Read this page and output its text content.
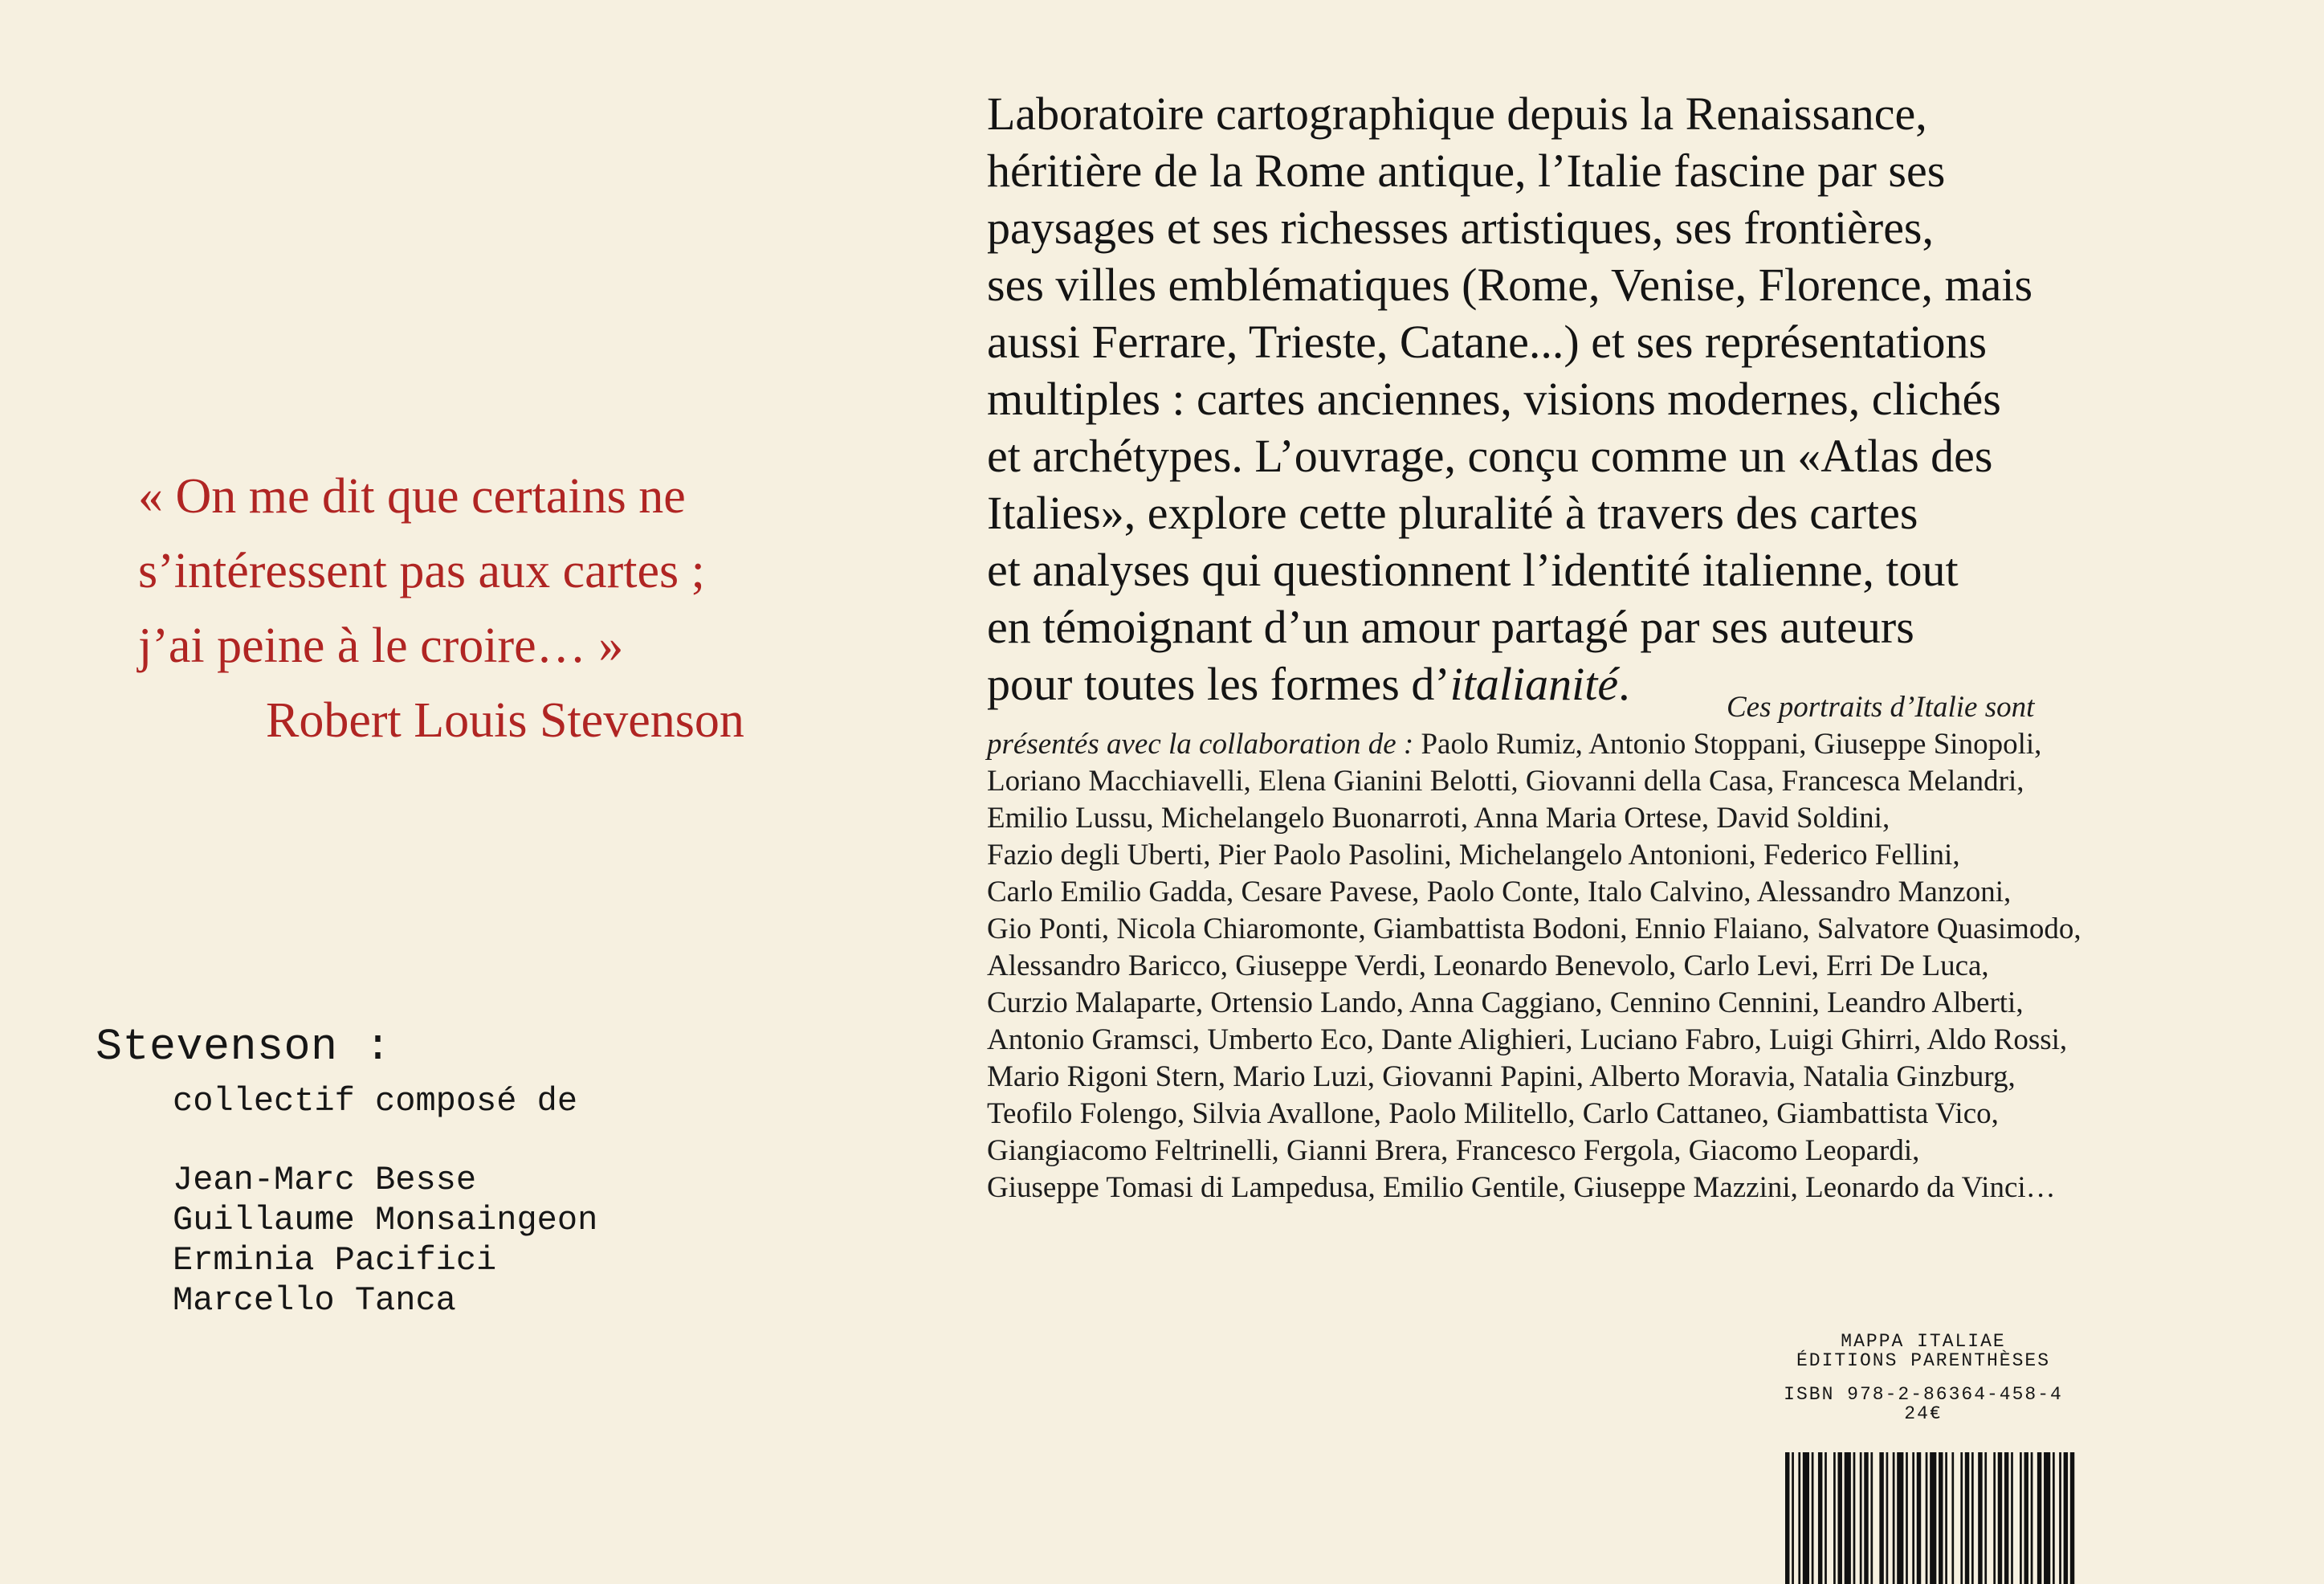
« On me dit que certains ne
s’intéressent pas aux cartes ;
j’ai peine à le croire… »
Robert Louis Stevenson
Stevenson :
collectif composé de
Jean-Marc Besse
Guillaume Monsaingeon
Erminia Pacifici
Marcello Tanca
Laboratoire cartographique depuis la Renaissance,
héritière de la Rome antique, l’Italie fascine par ses
paysages et ses richesses artistiques, ses frontières,
ses villes emblématiques (Rome, Venise, Florence, mais
aussi Ferrare, Trieste, Catane...) et ses représentations
multiples : cartes anciennes, visions modernes, clichés
et archétypes. L’ouvrage, conçu comme un «Atlas des
Italies», explore cette pluralité à travers des cartes
et analyses qui questionnent l’identité italienne, tout
en témoignant d’un amour partagé par ses auteurs
pour toutes les formes d’italianité.	Ces portraits d’Italie sont
présentés avec la collaboration de : Paolo Rumiz, Antonio Stoppani, Giuseppe Sinopoli,
Loriano Macchiavelli, Elena Gianini Belotti, Giovanni della Casa, Francesca Melandri,
Emilio Lussu, Michelangelo Buonarroti, Anna Maria Ortese, David Soldini,
Fazio degli Uberti, Pier Paolo Pasolini, Michelangelo Antonioni, Federico Fellini,
Carlo Emilio Gadda, Cesare Pavese, Paolo Conte, Italo Calvino, Alessandro Manzoni,
Gio Ponti, Nicola Chiaromonte, Giambattista Bodoni, Ennio Flaiano, Salvatore Quasimodo,
Alessandro Baricco, Giuseppe Verdi, Leonardo Benevolo, Carlo Levi, Erri De Luca,
Curzio Malaparte, Ortensio Lando, Anna Caggiano, Cennino Cennini, Leandro Alberti,
Antonio Gramsci, Umberto Eco, Dante Alighieri, Luciano Fabro, Luigi Ghirri, Aldo Rossi,
Mario Rigoni Stern, Mario Luzi, Giovanni Papini, Alberto Moravia, Natalia Ginzburg,
Teofilo Folengo, Silvia Avallone, Paolo Militello, Carlo Cattaneo, Giambattista Vico,
Giangiacomo Feltrinelli, Gianni Brera, Francesco Fergola, Giacomo Leopardi,
Giuseppe Tomasi di Lampedusa, Emilio Gentile, Giuseppe Mazzini, Leonardo da Vinci…
MAPPA ITALIAE
ÉDITIONS PARENTHÈSES
ISBN 978-2-86364-458-4
24€
